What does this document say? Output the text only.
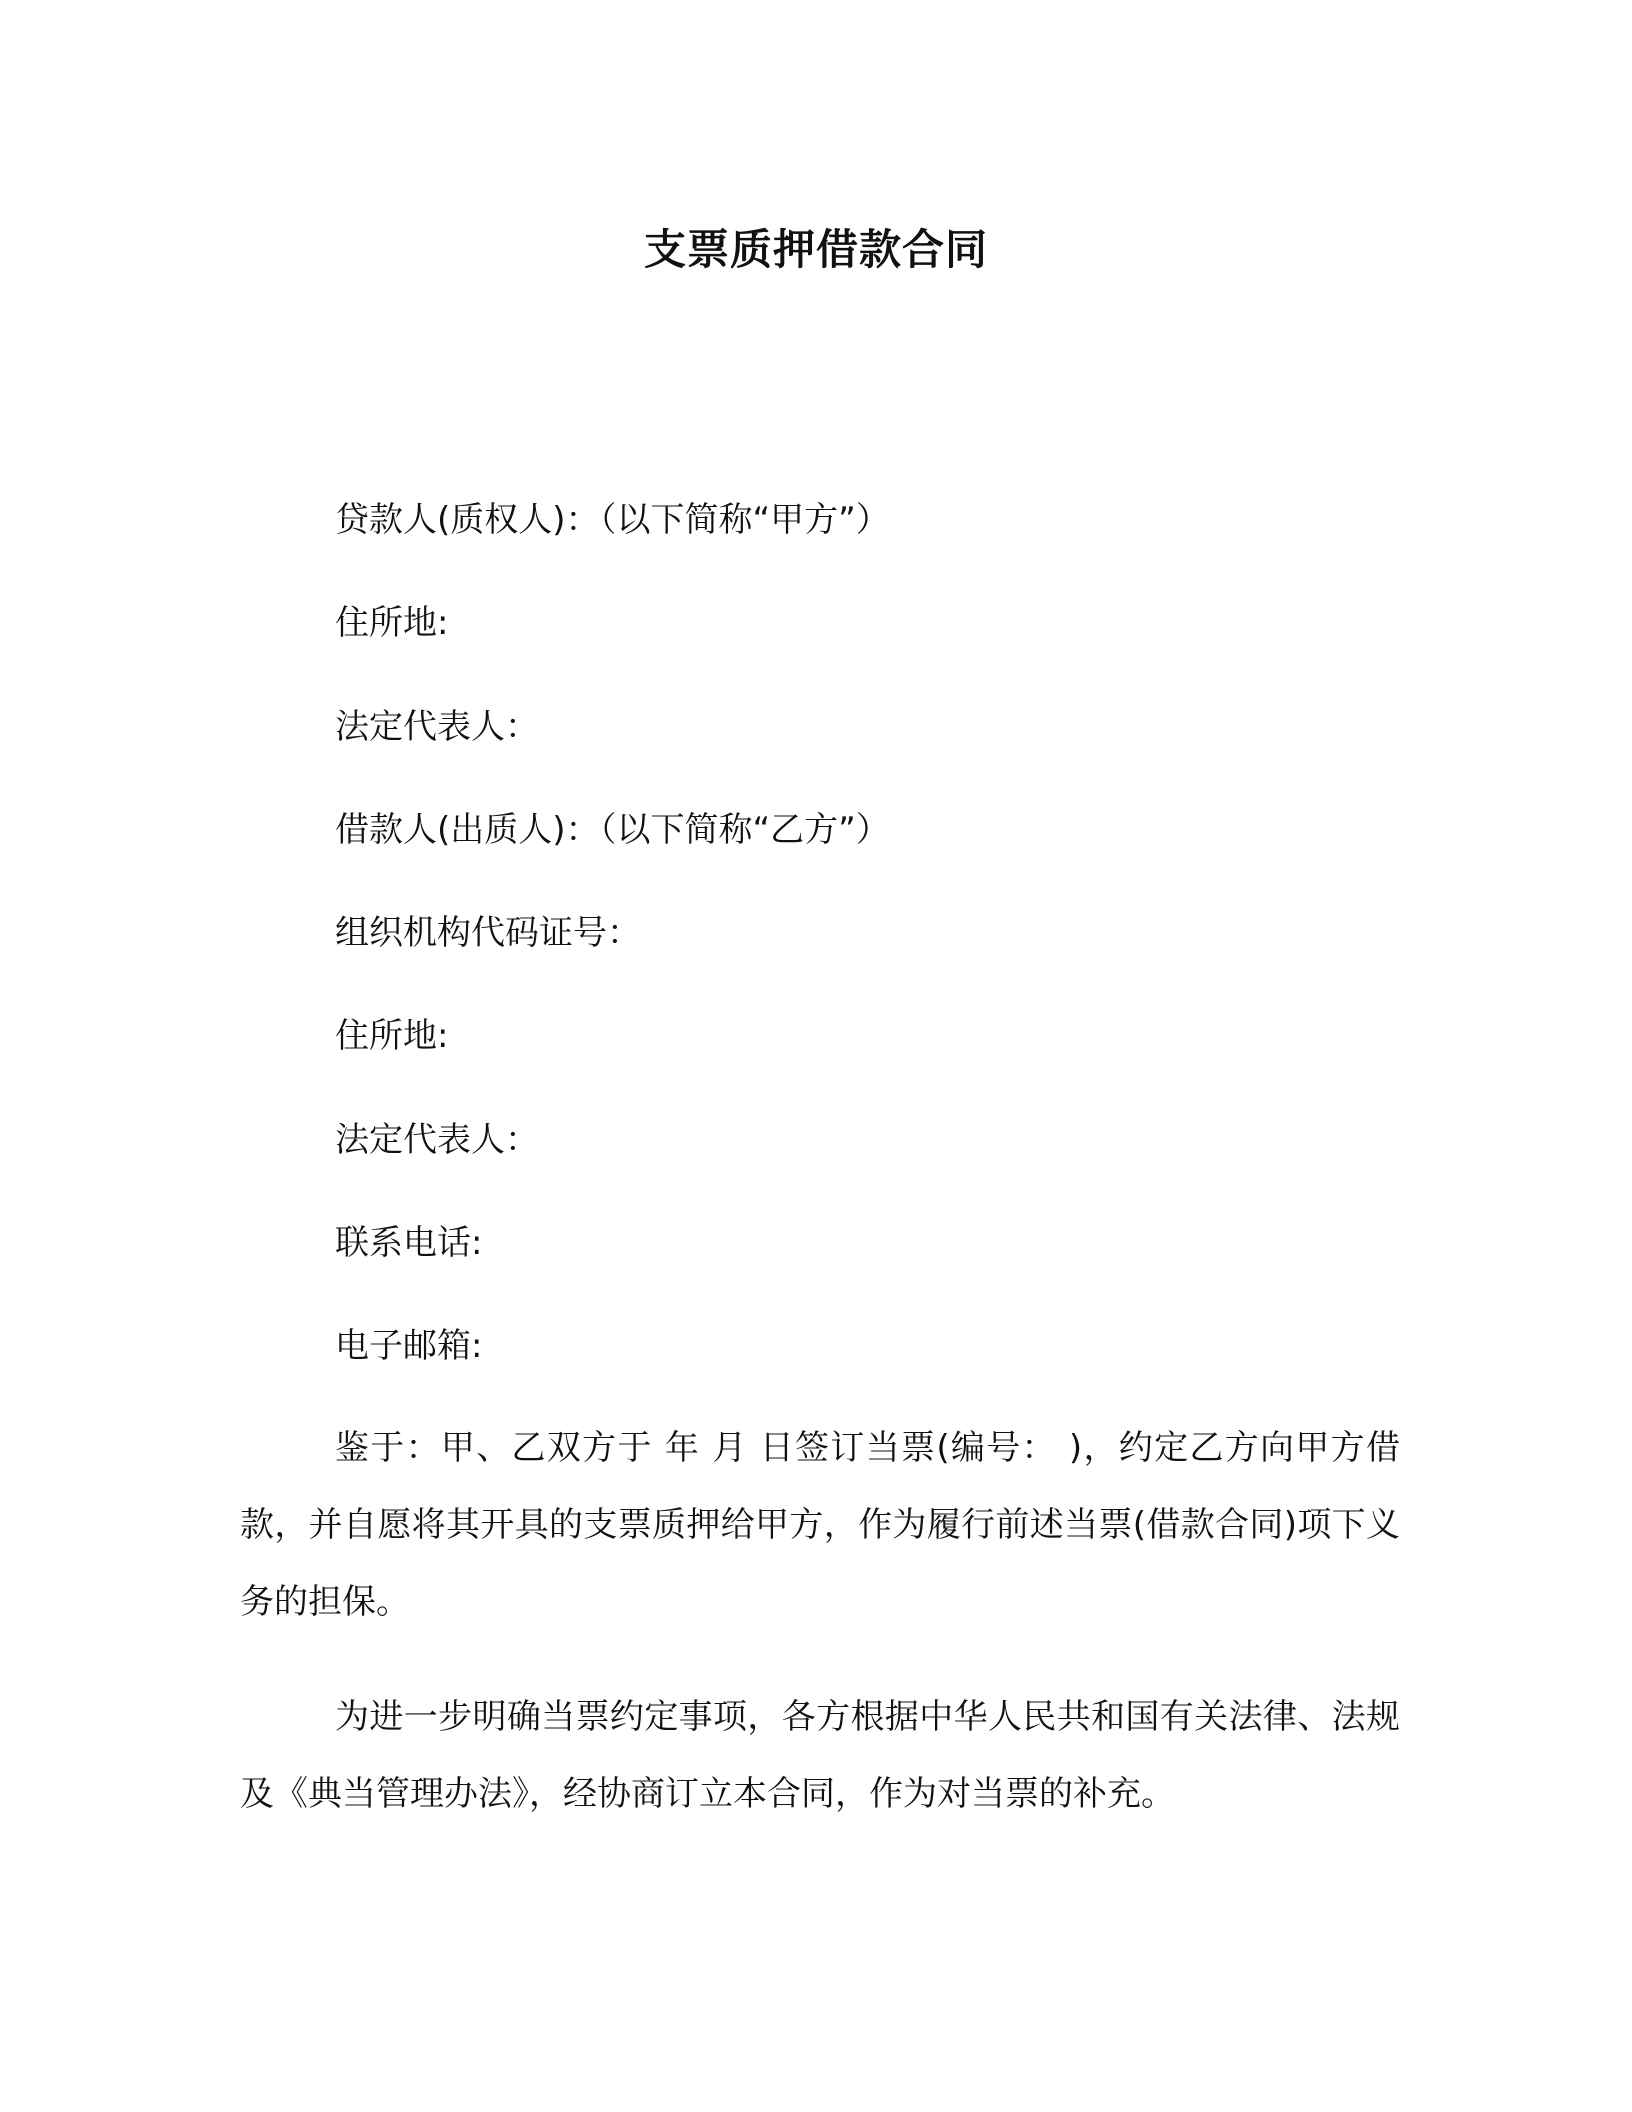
支票质押借款合同
贷款人(质权人)：（以下简称“甲方”）
住所地:
法定代表人：
借款人(出质人)：（以下简称“乙方”）
组织机构代码证号：
住所地:
法定代表人：
联系电话:
电子邮箱:
鉴于：甲、乙双方于 年 月 日签订当票(编号： )，约定乙方向甲方借款，并自愿将其开具的支票质押给甲方，作为履行前述当票(借款合同)项下义务的担保。
为进一步明确当票约定事项，各方根据中华人民共和国有关法律、法规及《典当管理办法》，经协商订立本合同，作为对当票的补充。
